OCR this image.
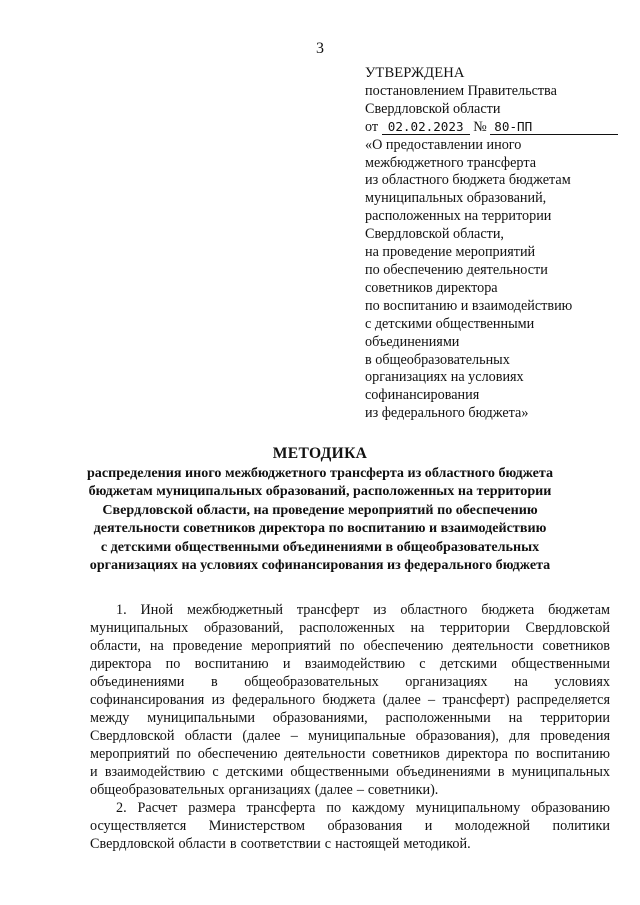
3
УТВЕРЖДЕНА
постановлением Правительства
Свердловской области
от 02.02.2023 № 80-ПП
«О предоставлении иного
межбюджетного трансферта
из областного бюджета бюджетам
муниципальных образований,
расположенных на территории
Свердловской области,
на проведение мероприятий
по обеспечению деятельности
советников директора
по воспитанию и взаимодействию
с детскими общественными
объединениями
в общеобразовательных
организациях на условиях
софинансирования
из федерального бюджета»
МЕТОДИКА
распределения иного межбюджетного трансферта из областного бюджета
бюджетам муниципальных образований, расположенных на территории
Свердловской области, на проведение мероприятий по обеспечению
деятельности советников директора по воспитанию и взаимодействию
с детскими общественными объединениями в общеобразовательных
организациях на условиях софинансирования из федерального бюджета
1. Иной межбюджетный трансферт из областного бюджета бюджетам
муниципальных образований, расположенных на территории Свердловской
области, на проведение мероприятий по обеспечению деятельности советников
директора по воспитанию и взаимодействию с детскими общественными
объединениями в общеобразовательных организациях на условиях
софинансирования из федерального бюджета (далее – трансферт) распределяется
между муниципальными образованиями, расположенными на территории
Свердловской области (далее – муниципальные образования), для проведения
мероприятий по обеспечению деятельности советников директора по воспитанию
и взаимодействию с детскими общественными объединениями в муниципальных
общеобразовательных организациях (далее – советники).
2. Расчет размера трансферта по каждому муниципальному образованию
осуществляется Министерством образования и молодежной политики
Свердловской области в соответствии с настоящей методикой.
